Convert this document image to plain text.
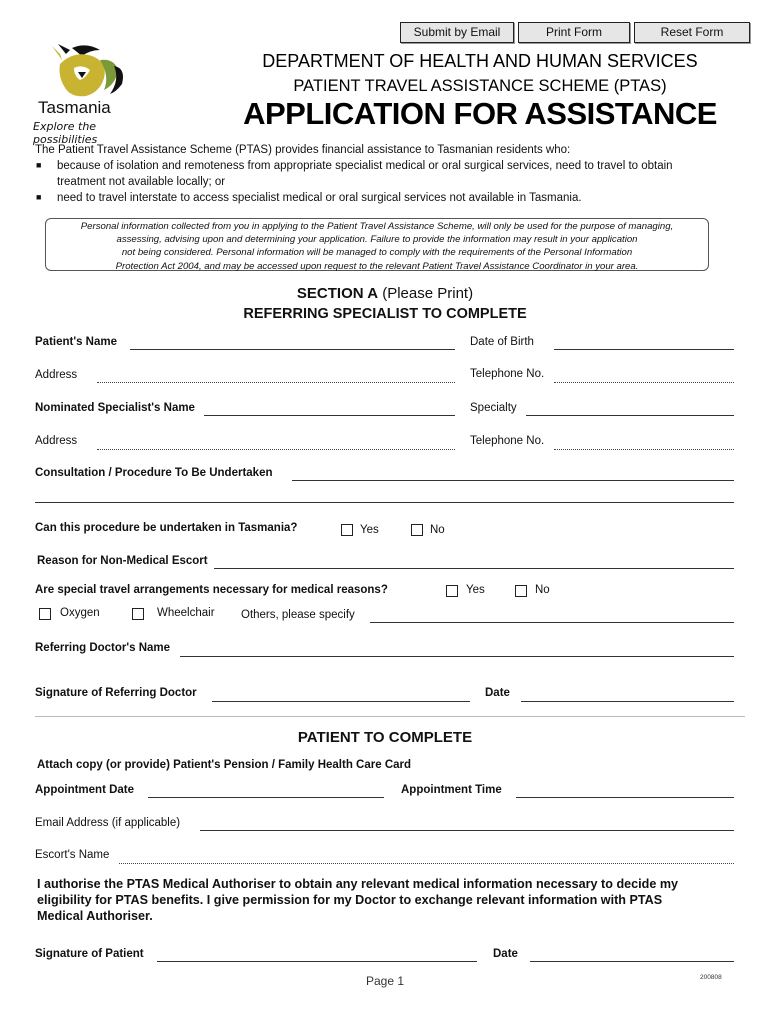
Submit by Email	Print Form	Reset Form
Tasmania
Explore the possibilities
DEPARTMENT OF HEALTH AND HUMAN SERVICES
PATIENT TRAVEL ASSISTANCE SCHEME (PTAS)
APPLICATION FOR ASSISTANCE
The Patient Travel Assistance Scheme (PTAS) provides financial assistance to Tasmanian residents who:
■ because of isolation and remoteness from appropriate specialist medical or oral surgical services, need to travel to obtain
treatment not available locally; or
■ need to travel interstate to access specialist medical or oral surgical services not available in Tasmania.
Personal information collected from you in applying to the Patient Travel Assistance Scheme, will only be used for the purpose of managing,
assessing, advising upon and determining your application. Failure to provide the information may result in your application
not being considered. Personal information will be managed to comply with the requirements of the Personal Information
Protection Act 2004, and may be accessed upon request to the relevant Patient Travel Assistance Coordinator in your area.
SECTION A (Please Print)
REFERRING SPECIALIST TO COMPLETE
Patient's Name	Date of Birth
Address	Telephone No.
Nominated Specialist's Name	Specialty
Address	Telephone No.
Consultation / Procedure To Be Undertaken
Can this procedure be undertaken in Tasmania?	Yes	No
Reason for Non-Medical Escort
Are special travel arrangements necessary for medical reasons?	Yes	No
Oxygen	Wheelchair Others, please specify
Referring Doctor's Name
Signature of Referring Doctor	Date
PATIENT TO COMPLETE
Attach copy (or provide) Patient's Pension / Family Health Care Card
Appointment Date	Appointment Time
Email Address (if applicable)
Escort's Name
I authorise the PTAS Medical Authoriser to obtain any relevant medical information necessary to decide my
eligibility for PTAS benefits. I give permission for my Doctor to exchange relevant information with PTAS
Medical Authoriser.
Signature of Patient	Date
Page 1	200808
